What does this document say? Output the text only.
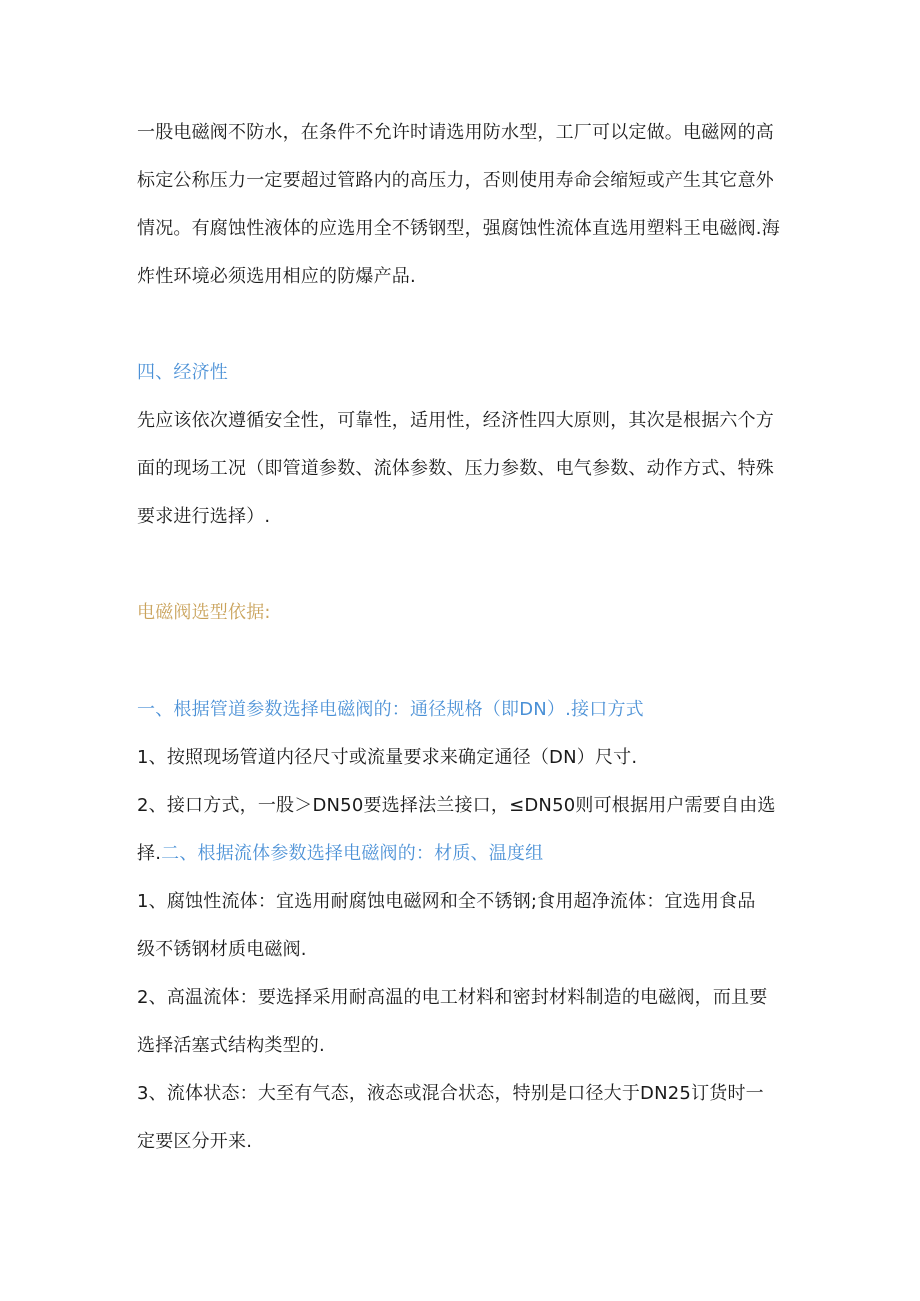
一股电磁阀不防水，在条件不允许时请选用防水型，工厂可以定做。电磁网的高
标定公称压力一定要超过管路内的高压力，否则使用寿命会缩短或产生其它意外
情况。有腐蚀性液体的应选用全不锈钢型，强腐蚀性流体直选用塑料王电磁阀.海
炸性环境必须选用相应的防爆产品.
四、经济性
先应该依次遵循安全性，可靠性，适用性，经济性四大原则，其次是根据六个方
面的现场工况（即管道参数、流体参数、压力参数、电气参数、动作方式、特殊
要求进行选择）.
电磁阀选型依据:
一、根据管道参数选择电磁阀的：通径规格（即DN）.接口方式
1、按照现场管道内径尺寸或流量要求来确定通径（DN）尺寸.
2、接口方式，一股＞DN50要选择法兰接口，≤DN50则可根据用户需要自由选
择.二、根据流体参数选择电磁阀的：材质、温度组
1、腐蚀性流体：宜选用耐腐蚀电磁网和全不锈钢;食用超净流体：宜选用食品
级不锈钢材质电磁阀.
2、高温流体：要选择采用耐高温的电工材料和密封材料制造的电磁阀，而且要
选择活塞式结构类型的.
3、流体状态：大至有气态，液态或混合状态，特别是口径大于DN25订货时一
定要区分开来.
